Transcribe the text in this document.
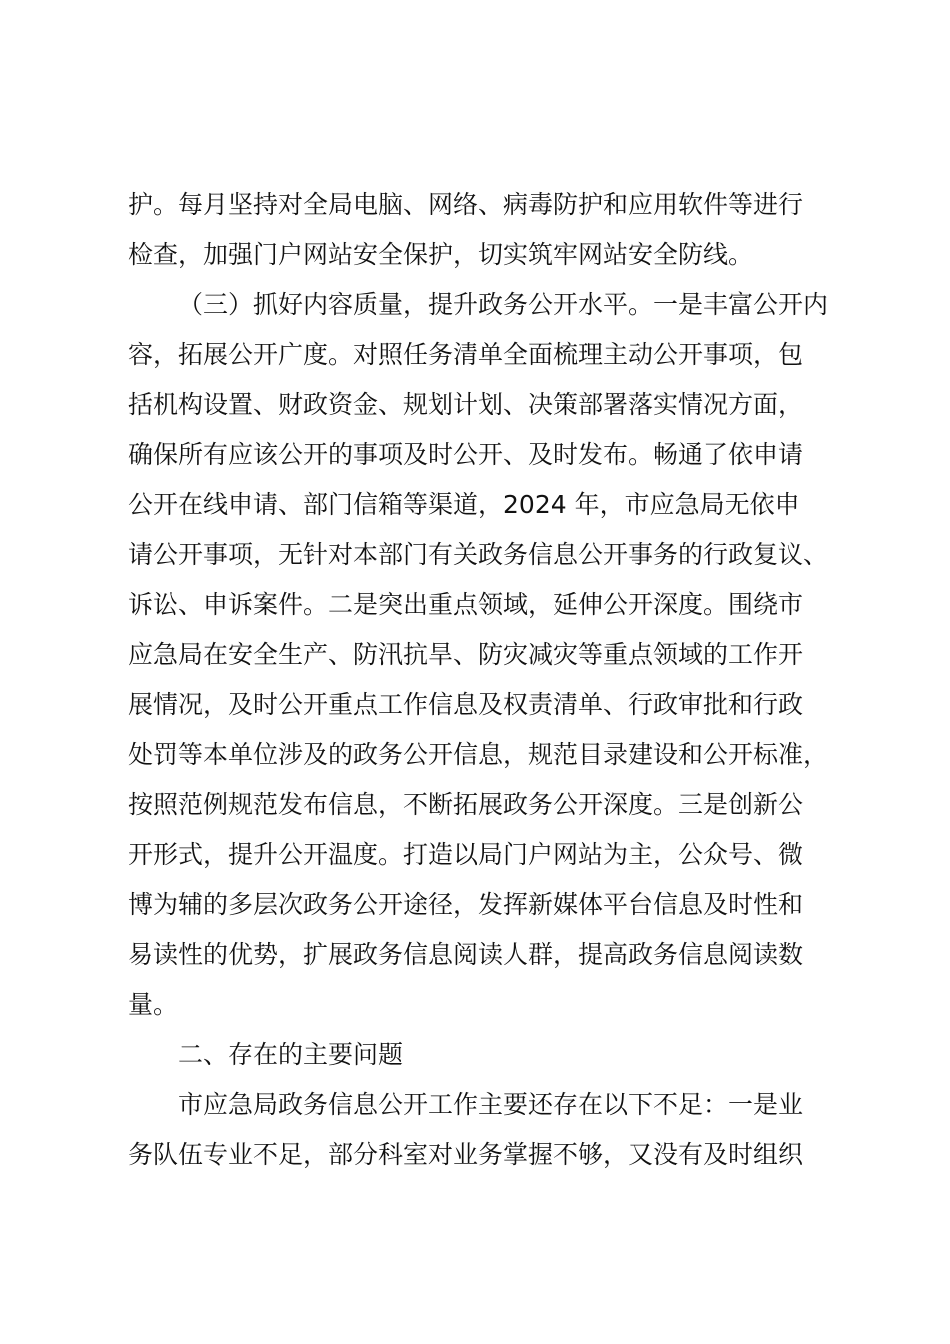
护。每月坚持对全局电脑、网络、病毒防护和应用软件等进行
检查，加强门户网站安全保护，切实筑牢网站安全防线。
（三）抓好内容质量，提升政务公开水平。一是丰富公开内
容，拓展公开广度。对照任务清单全面梳理主动公开事项，包
括机构设置、财政资金、规划计划、决策部署落实情况方面，
确保所有应该公开的事项及时公开、及时发布。畅通了依申请
公开在线申请、部门信箱等渠道，2024 年，市应急局无依申
请公开事项，无针对本部门有关政务信息公开事务的行政复议、
诉讼、申诉案件。二是突出重点领域，延伸公开深度。围绕市
应急局在安全生产、防汛抗旱、防灾减灾等重点领域的工作开
展情况，及时公开重点工作信息及权责清单、行政审批和行政
处罚等本单位涉及的政务公开信息，规范目录建设和公开标准，
按照范例规范发布信息，不断拓展政务公开深度。三是创新公
开形式，提升公开温度。打造以局门户网站为主，公众号、微
博为辅的多层次政务公开途径，发挥新媒体平台信息及时性和
易读性的优势，扩展政务信息阅读人群，提高政务信息阅读数
量。
二、存在的主要问题
市应急局政务信息公开工作主要还存在以下不足：一是业
务队伍专业不足，部分科室对业务掌握不够，又没有及时组织
